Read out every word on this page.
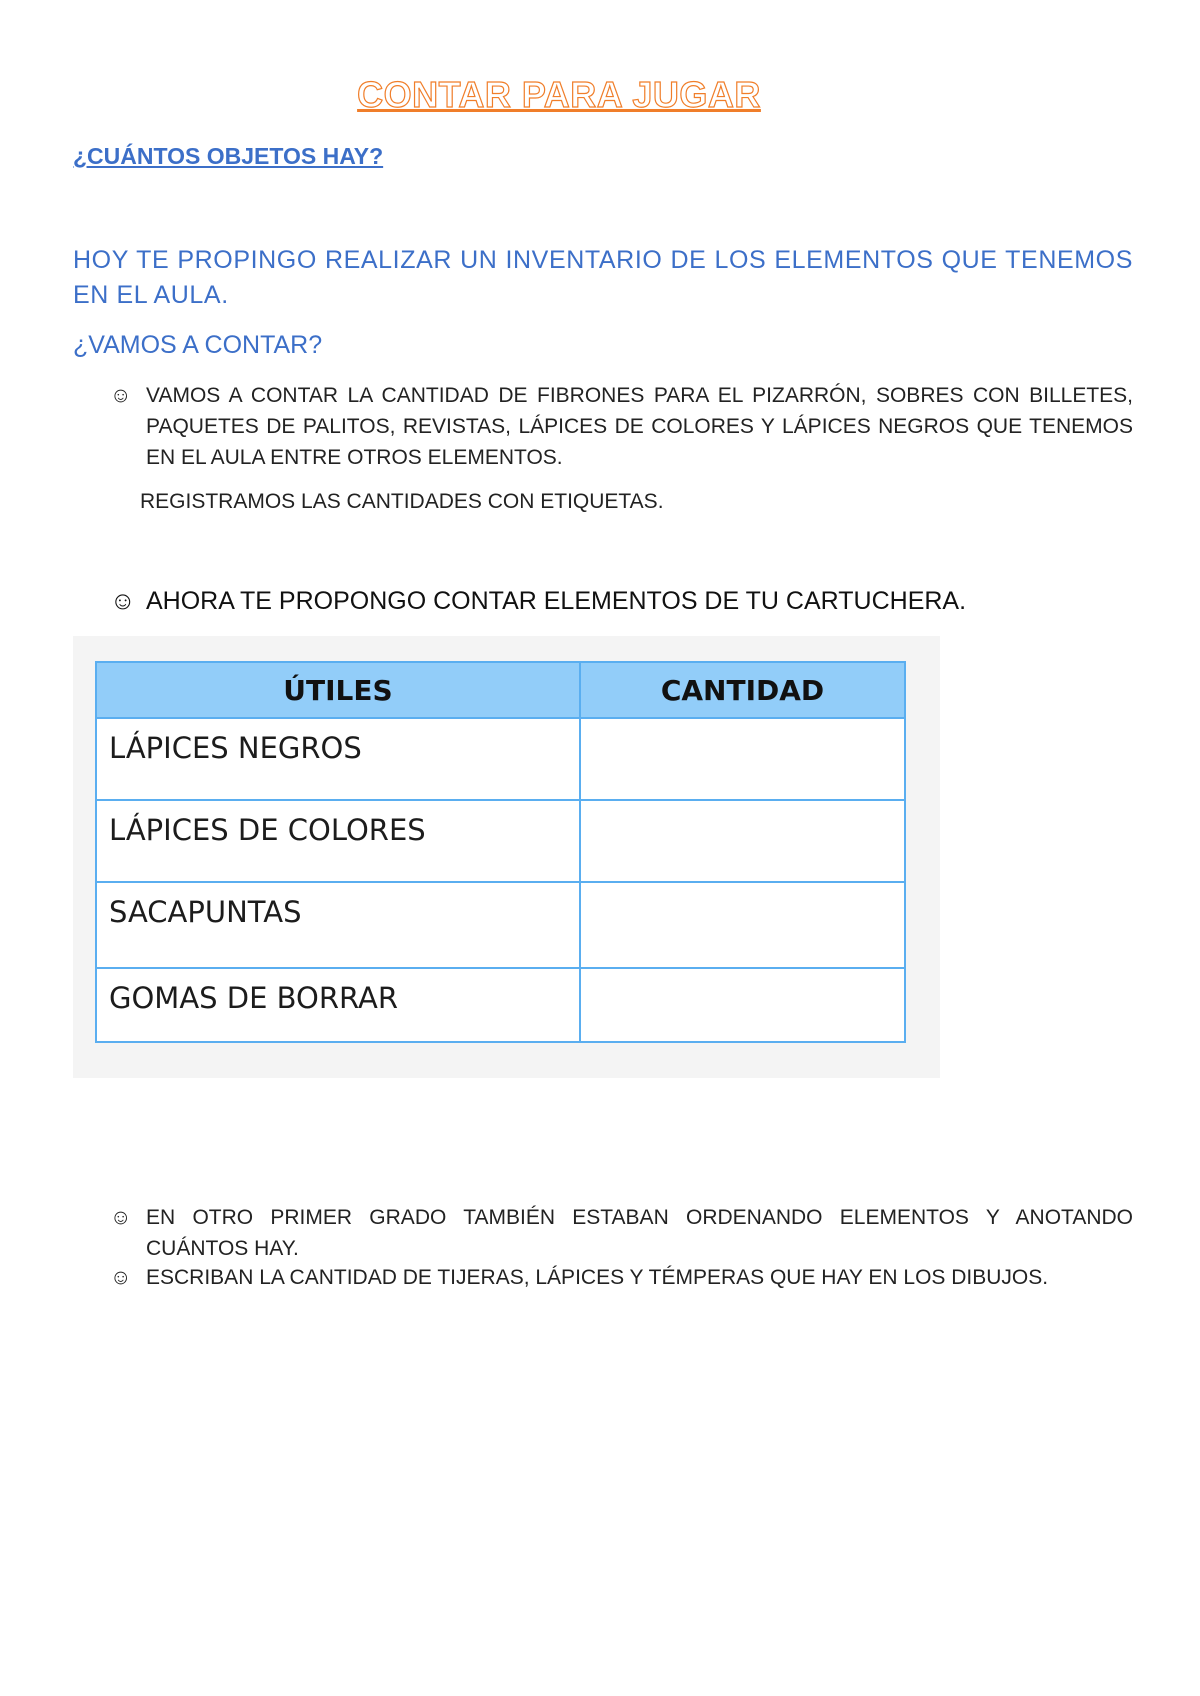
CONTAR PARA JUGAR
¿CUÁNTOS OBJETOS HAY?
HOY TE PROPINGO REALIZAR UN INVENTARIO DE LOS ELEMENTOS QUE TENEMOS EN EL AULA.
¿VAMOS A CONTAR?
☺ VAMOS A CONTAR LA CANTIDAD DE FIBRONES PARA EL PIZARRÓN, SOBRES CON BILLETES, PAQUETES DE PALITOS, REVISTAS, LÁPICES DE COLORES Y LÁPICES NEGROS QUE TENEMOS EN EL AULA ENTRE OTROS ELEMENTOS.
REGISTRAMOS LAS CANTIDADES CON ETIQUETAS.
☺ AHORA TE PROPONGO CONTAR ELEMENTOS DE TU CARTUCHERA.
ÚTILES	CANTIDAD
LÁPICES NEGROS	
LÁPICES DE COLORES	
SACAPUNTAS	
GOMAS DE BORRAR	
☺ EN OTRO PRIMER GRADO TAMBIÉN ESTABAN ORDENANDO ELEMENTOS Y ANOTANDO CUÁNTOS HAY.
☺ ESCRIBAN LA CANTIDAD DE TIJERAS, LÁPICES Y TÉMPERAS QUE HAY EN LOS DIBUJOS.
